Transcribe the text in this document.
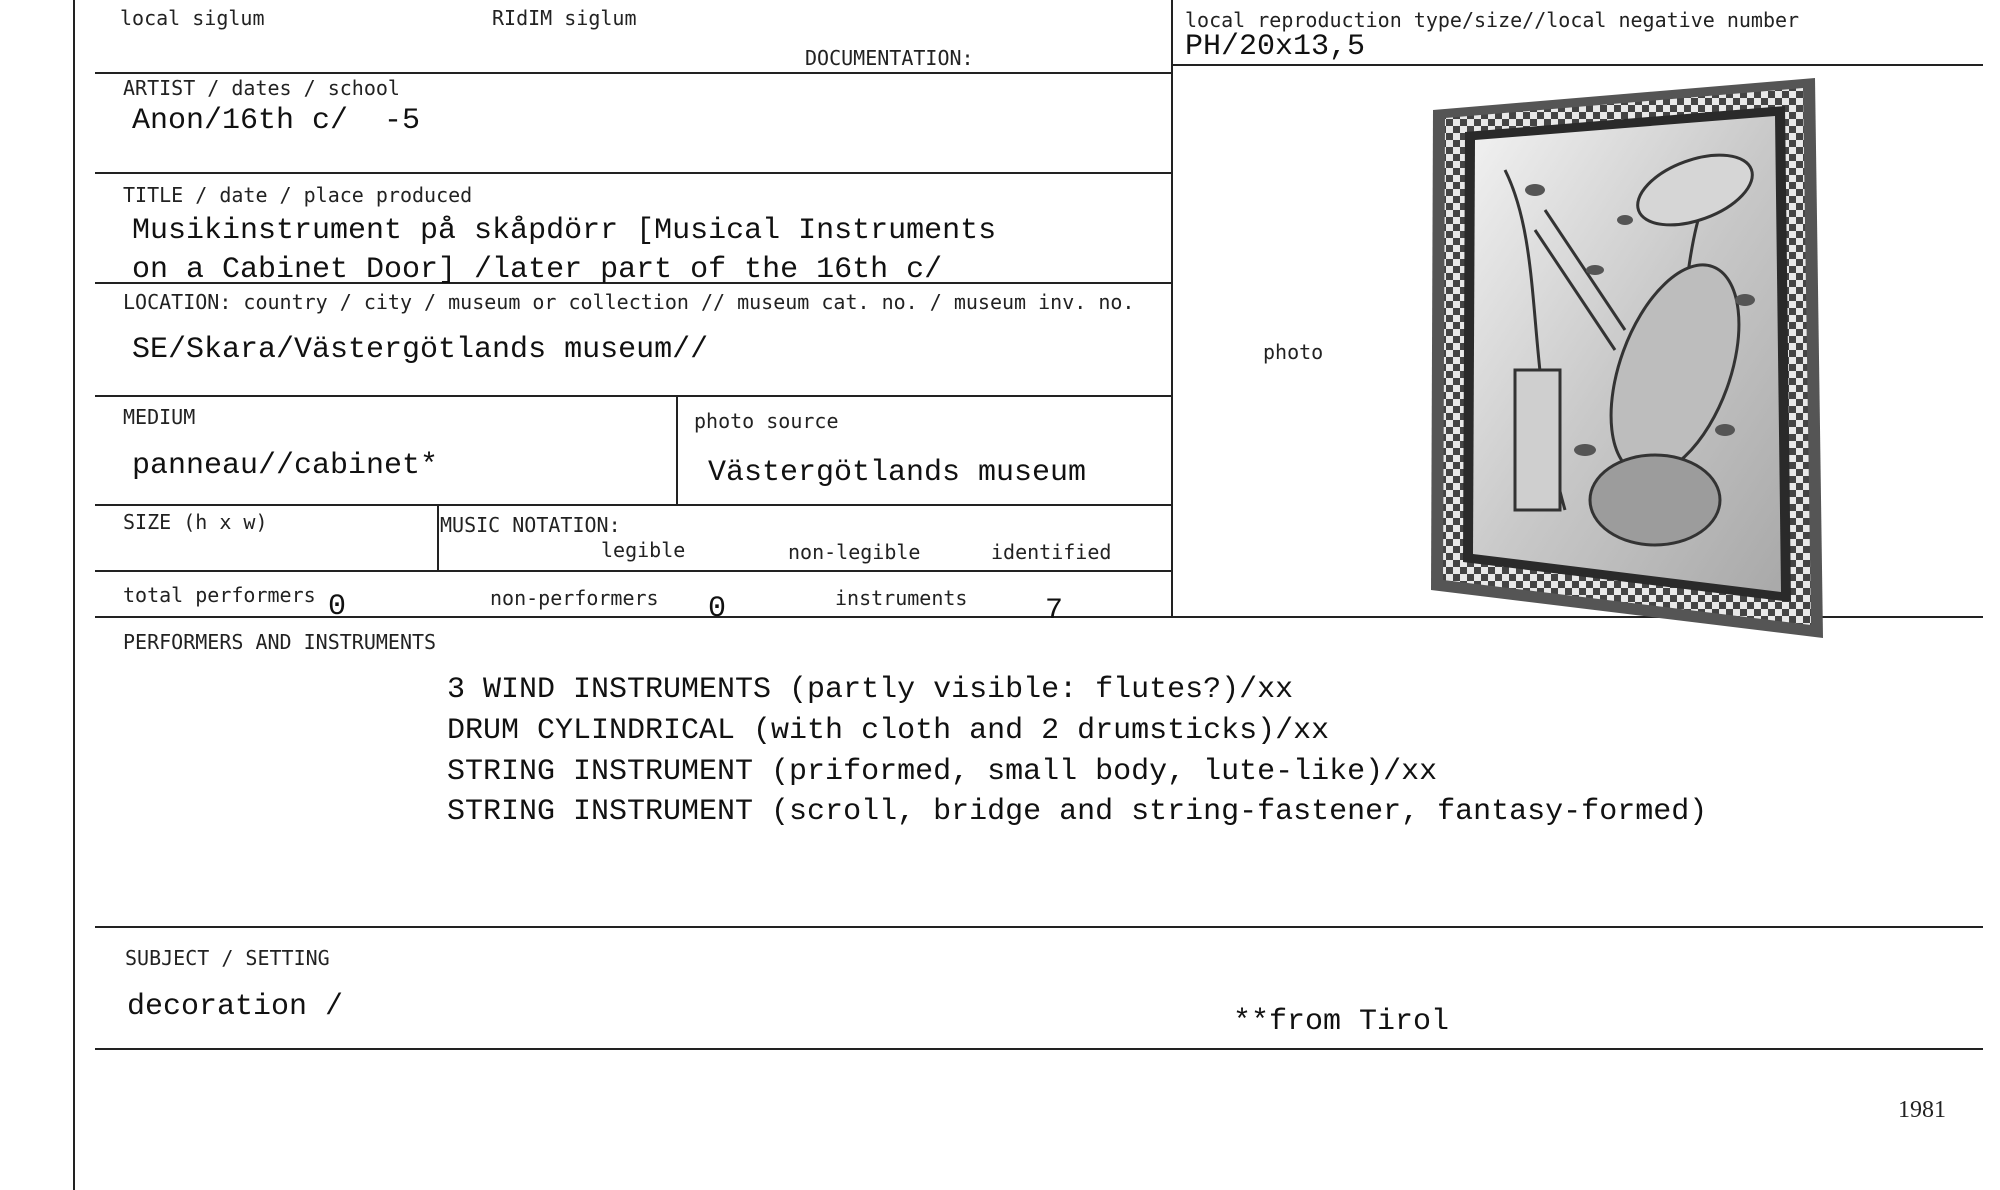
local siglum	RIdIM siglum
DOCUMENTATION:
local reproduction type/size//local negative number
PH/20x13,5
ARTIST / dates / school
Anon/16th c/  -5
TITLE / date / place produced
Musikinstrument på skåpdörr [Musical Instruments
on a Cabinet Door] /later part of the 16th c/
LOCATION: country / city / museum or collection // museum cat. no. / museum inv. no.
SE/Skara/Västergötlands museum//
MEDIUM
panneau//cabinet*
photo source
Västergötlands museum
SIZE (h x w)	MUSIC NOTATION:
legible	non-legible	identified
total performers 0	non-performers 0	instruments	7
photo
PERFORMERS AND INSTRUMENTS
3 WIND INSTRUMENTS (partly visible: flutes?)/xx
DRUM CYLINDRICAL (with cloth and 2 drumsticks)/xx
STRING INSTRUMENT (priformed, small body, lute-like)/xx
STRING INSTRUMENT (scroll, bridge and string-fastener, fantasy-formed)
SUBJECT / SETTING
decoration /	**from Tirol
1981
